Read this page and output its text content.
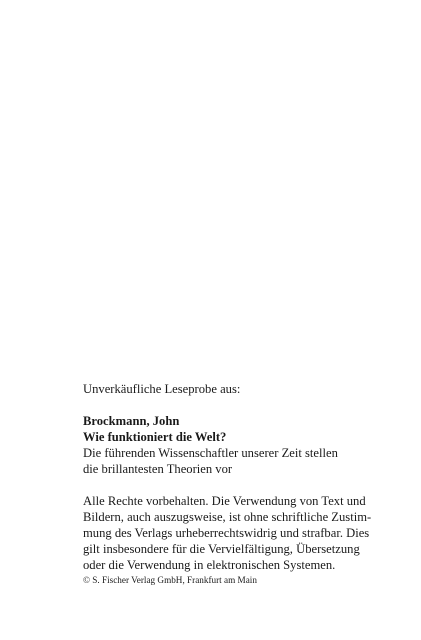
Unverkäufliche Leseprobe aus:
Brockmann, John
Wie funktioniert die Welt?
Die führenden Wissenschaftler unserer Zeit stellen
die brillantesten Theorien vor
Alle Rechte vorbehalten. Die Verwendung von Text und
Bildern, auch auszugsweise, ist ohne schriftliche Zustim-
mung des Verlags urheberrechtswidrig und strafbar. Dies
gilt insbesondere für die Vervielfältigung, Übersetzung
oder die Verwendung in elektronischen Systemen.
© S. Fischer Verlag GmbH, Frankfurt am Main
